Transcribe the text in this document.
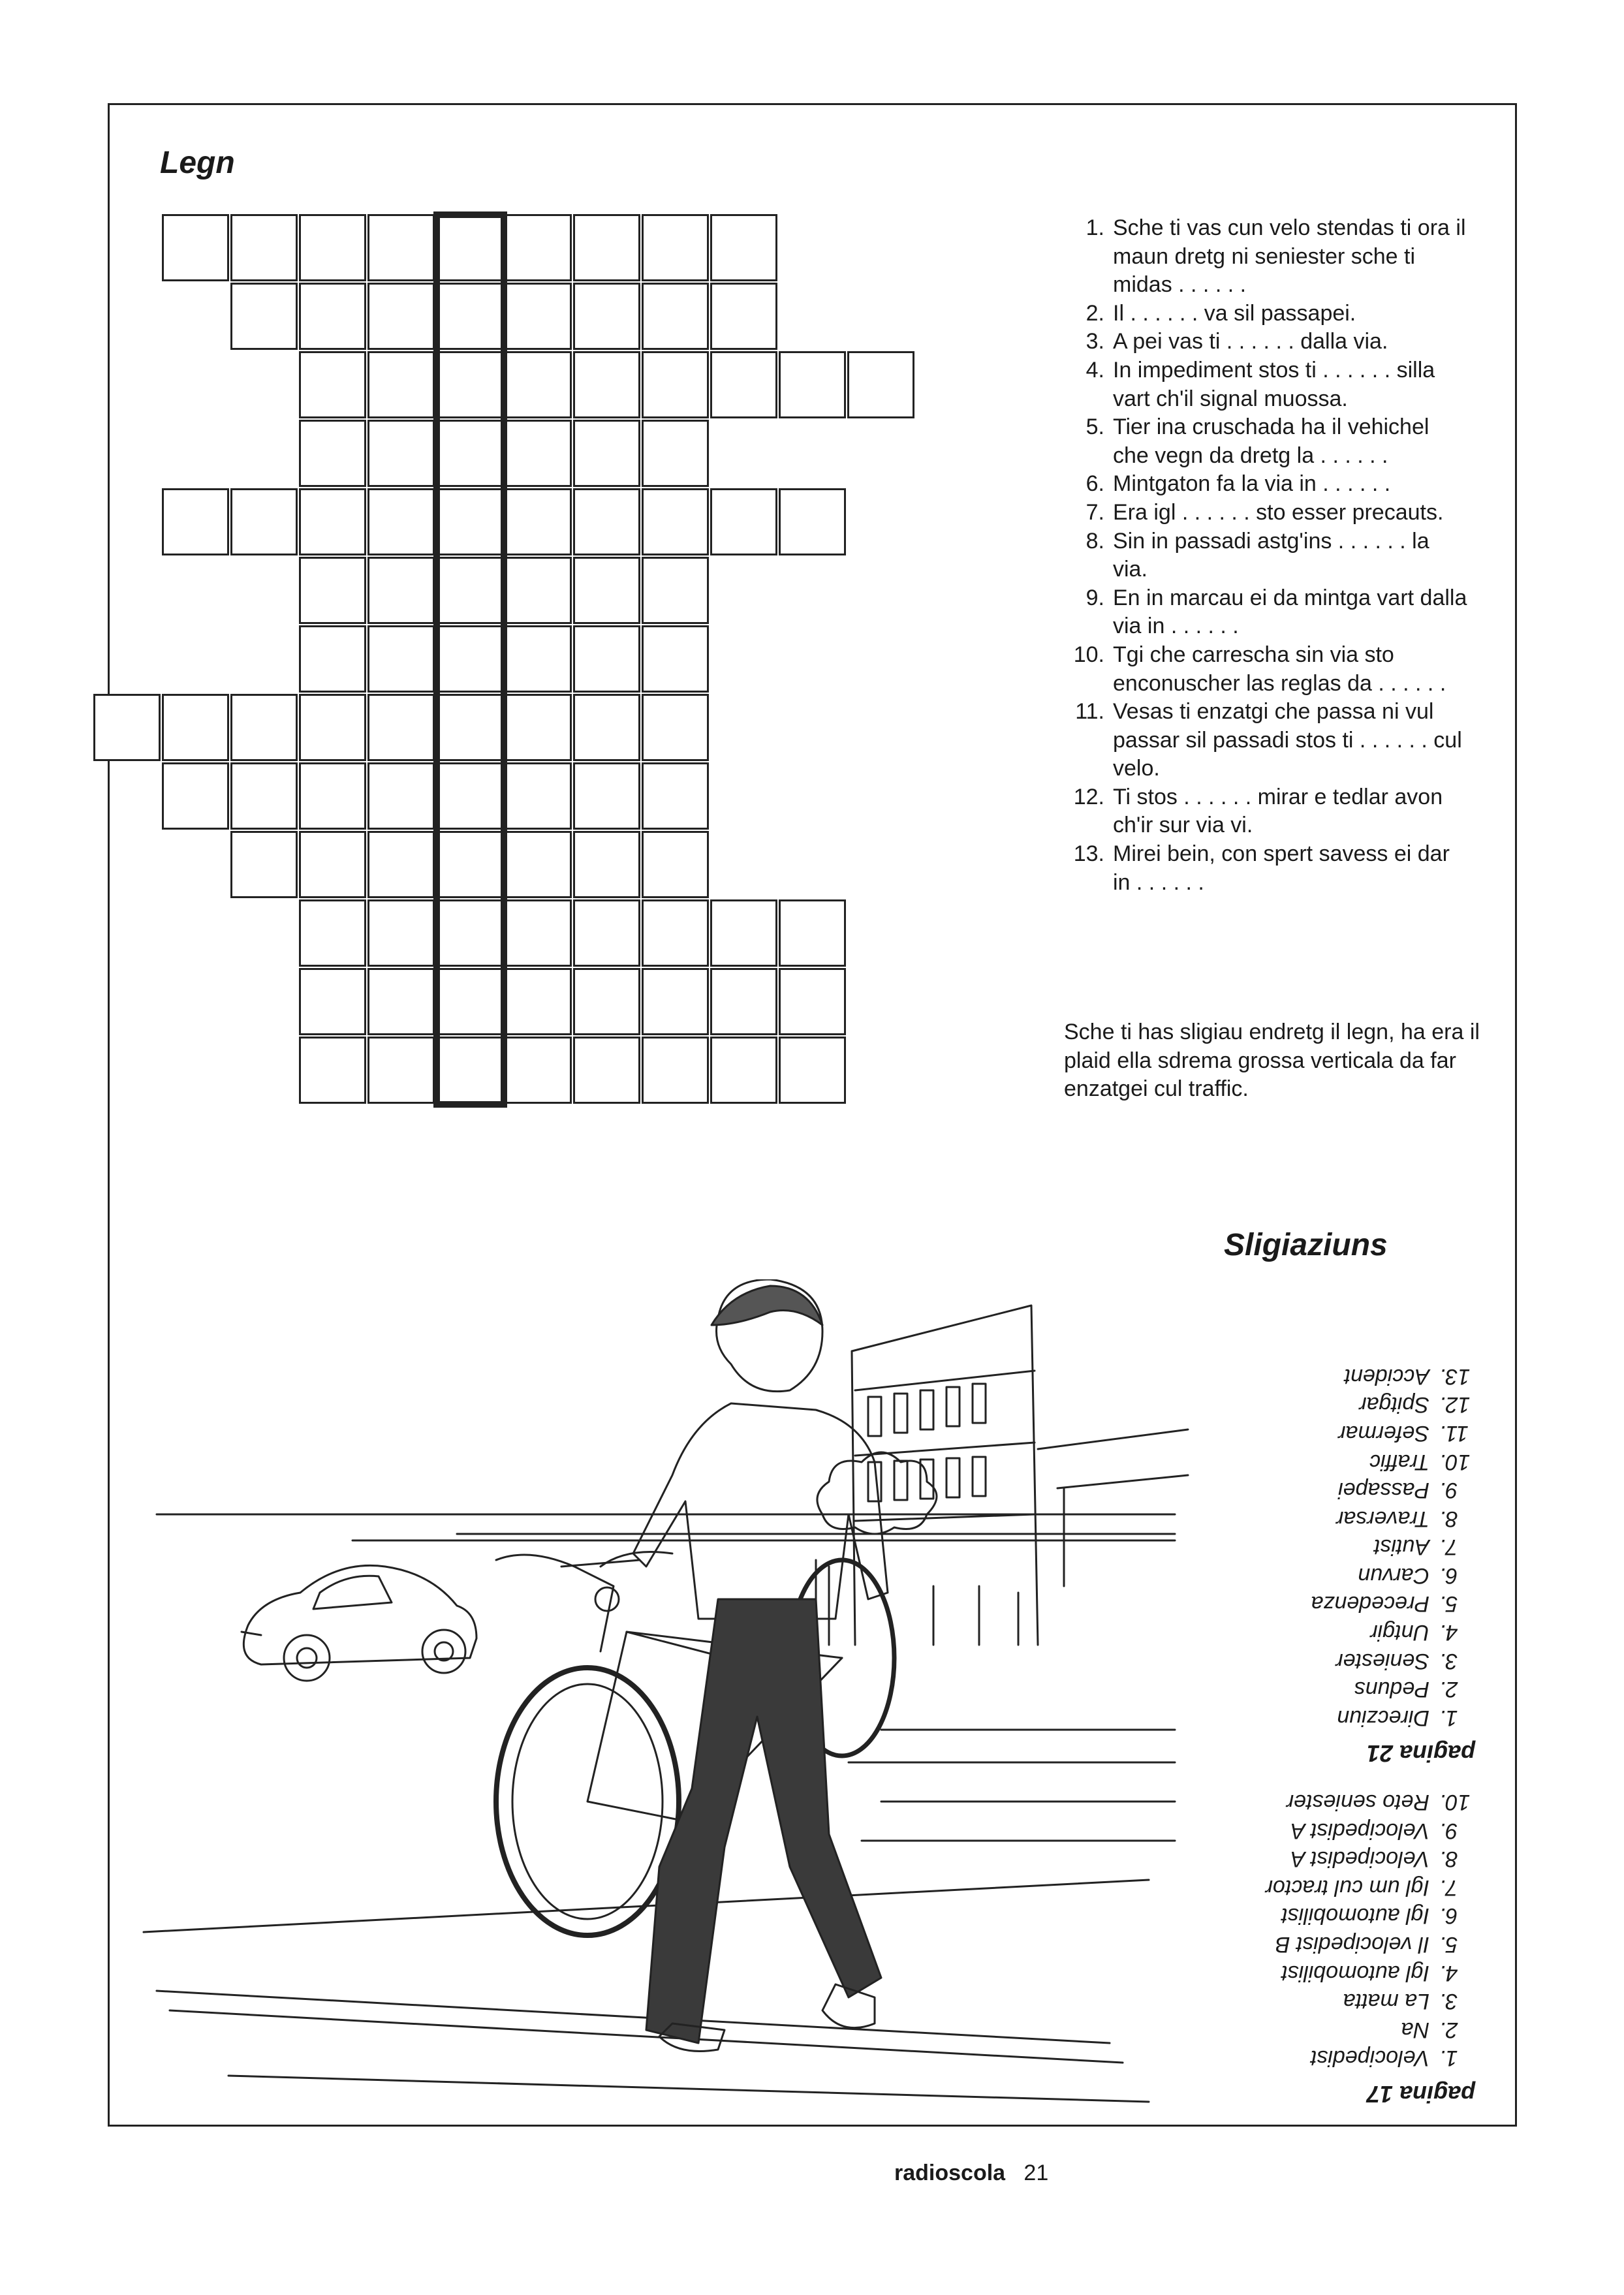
Legn
1. Sche ti vas cun velo stendas ti ora il maun dretg ni seniester sche ti midas . . . . . .
2. Il . . . . . . va sil passapei.
3. A pei vas ti . . . . . . dalla via.
4. In impediment stos ti . . . . . . silla vart ch'il signal muossa.
5. Tier ina cruschada ha il vehichel che vegn da dretg la . . . . . .
6. Mintgaton fa la via in . . . . . .
7. Era igl . . . . . . sto esser precauts.
8. Sin in passadi astg'ins . . . . . . la via.
9. En in marcau ei da mintga vart dalla via in . . . . . .
10. Tgi che carrescha sin via sto enconuscher las reglas da . . . . . .
11. Vesas ti enzatgi che passa ni vul passar sil passadi stos ti . . . . . . cul velo.
12. Ti stos . . . . . . mirar e tedlar avon ch'ir sur via vi.
13. Mirei bein, con spert savess ei dar in . . . . . .

Sche ti has sligiau endretg il legn, ha era il plaid ella sdrema grossa verticala da far enzatgei cul traffic.

Sligiaziuns
pagina 17
1.
Velocipedist
2.
Na
3.
La matta
4.
Igl automobilist
5.
Il velocipedist B
6.
Igl automobilist
7.
Igl um cul tractor
8.
Velocipedist A
9.
Velocipedist A
10.
Reto seniester
pagina 21
1.
Direcziun
2.
Peduns
3.
Seniester
4.
Untgir
5.
Precedenza
6.
Carvun
7.
Autist
8.
Traversar
9.
Passapei
10.
Traffic
11.
Sefermar
12.
Spitgar
13.
Accident
radioscola 21
